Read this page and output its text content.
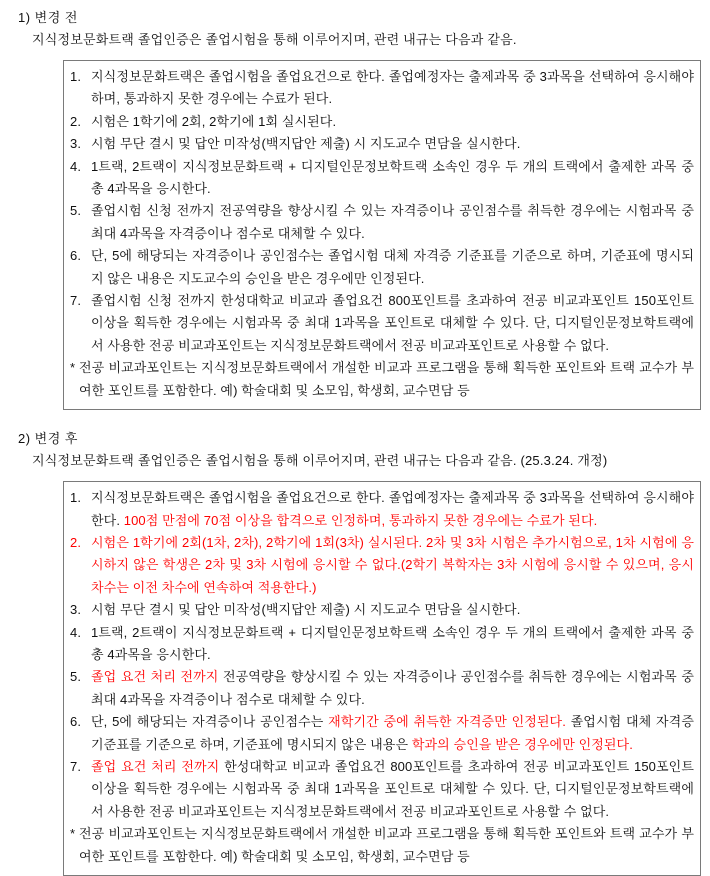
1) 변경 전

지식정보문화트랙 졸업인증은 졸업시험을 통해 이루어지며, 관련 내규는 다음과 같음.

1. 지식정보문화트랙은 졸업시험을 졸업요건으로 한다. 졸업예정자는 출제과목 중 3과목을 선택하여 응시해야 하며, 통과하지 못한 경우에는 수료가 된다.
2. 시험은 1학기에 2회, 2학기에 1회 실시된다.
3. 시험 무단 결시 및 답안 미작성(백지답안 제출) 시 지도교수 면담을 실시한다.
4. 1트랙, 2트랙이 지식정보문화트랙 + 디지털인문정보학트랙 소속인 경우 두 개의 트랙에서 출제한 과목 중 총 4과목을 응시한다.
5. 졸업시험 신청 전까지 전공역량을 향상시킬 수 있는 자격증이나 공인점수를 취득한 경우에는 시험과목 중 최대 4과목을 자격증이나 점수로 대체할 수 있다.
6. 단, 5에 해당되는 자격증이나 공인점수는 졸업시험 대체 자격증 기준표를 기준으로 하며, 기준표에 명시되지 않은 내용은 지도교수의 승인을 받은 경우에만 인정된다.
7. 졸업시험 신청 전까지 한성대학교 비교과 졸업요건 800포인트를 초과하여 전공 비교과포인트 150포인트 이상을 획득한 경우에는 시험과목 중 최대 1과목을 포인트로 대체할 수 있다. 단, 디지털인문정보학트랙에서 사용한 전공 비교과포인트는 지식정보문화트랙에서 전공 비교과포인트로 사용할 수 없다.
* 전공 비교과포인트는 지식정보문화트랙에서 개설한 비교과 프로그램을 통해 획득한 포인트와 트랙 교수가 부여한 포인트를 포함한다. 예) 학술대회 및 소모임, 학생회, 교수면담 등
2) 변경 후

지식정보문화트랙 졸업인증은 졸업시험을 통해 이루어지며, 관련 내규는 다음과 같음. (25.3.24. 개정)

1. 지식정보문화트랙은 졸업시험을 졸업요건으로 한다. 졸업예정자는 출제과목 중 3과목을 선택하여 응시해야 한다. 100점 만점에 70점 이상을 합격으로 인정하며, 통과하지 못한 경우에는 수료가 된다.
2. 시험은 1학기에 2회(1차, 2차), 2학기에 1회(3차) 실시된다. 2차 및 3차 시험은 추가시험으로, 1차 시험에 응시하지 않은 학생은 2차 및 3차 시험에 응시할 수 없다.(2학기 복학자는 3차 시험에 응시할 수 있으며, 응시 차수는 이전 차수에 연속하여 적용한다.)
3. 시험 무단 결시 및 답안 미작성(백지답안 제출) 시 지도교수 면담을 실시한다.
4. 1트랙, 2트랙이 지식정보문화트랙 + 디지털인문정보학트랙 소속인 경우 두 개의 트랙에서 출제한 과목 중 총 4과목을 응시한다.
5. 졸업 요건 처리 전까지 전공역량을 향상시킬 수 있는 자격증이나 공인점수를 취득한 경우에는 시험과목 중 최대 4과목을 자격증이나 점수로 대체할 수 있다.
6. 단, 5에 해당되는 자격증이나 공인점수는 재학기간 중에 취득한 자격증만 인정된다. 졸업시험 대체 자격증 기준표를 기준으로 하며, 기준표에 명시되지 않은 내용은 학과의 승인을 받은 경우에만 인정된다.
7. 졸업 요건 처리 전까지 한성대학교 비교과 졸업요건 800포인트를 초과하여 전공 비교과포인트 150포인트 이상을 획득한 경우에는 시험과목 중 최대 1과목을 포인트로 대체할 수 있다. 단, 디지털인문정보학트랙에서 사용한 전공 비교과포인트는 지식정보문화트랙에서 전공 비교과포인트로 사용할 수 없다.
* 전공 비교과포인트는 지식정보문화트랙에서 개설한 비교과 프로그램을 통해 획득한 포인트와 트랙 교수가 부여한 포인트를 포함한다. 예) 학술대회 및 소모임, 학생회, 교수면담 등
